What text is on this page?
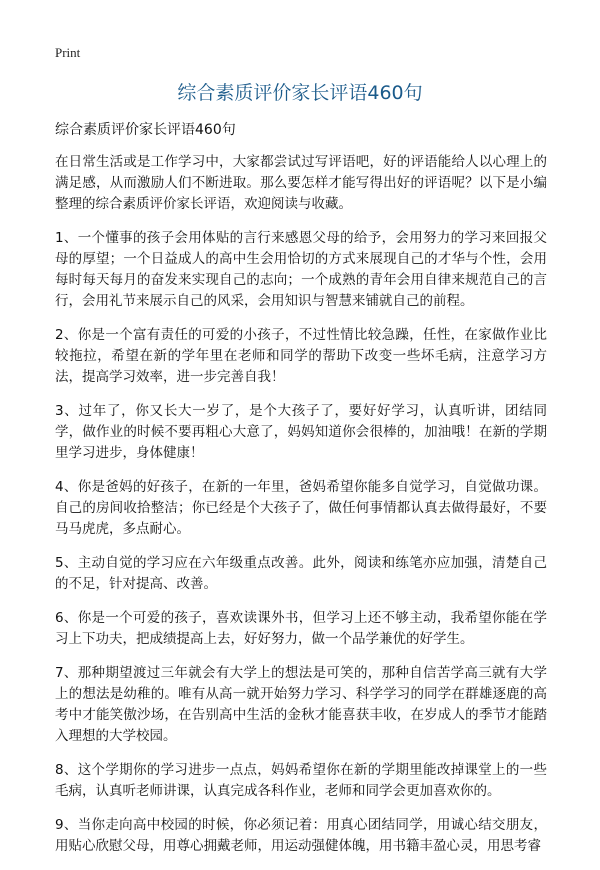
Print
综合素质评价家长评语460句

综合素质评价家长评语460句

在日常生活或是工作学习中，大家都尝试过写评语吧，好的评语能给人以心理上的满足感，从而激励人们不断进取。那么要怎样才能写得出好的评语呢？以下是小编整理的综合素质评价家长评语，欢迎阅读与收藏。

1、一个懂事的孩子会用体贴的言行来感恩父母的给予，会用努力的学习来回报父母的厚望；一个日益成人的高中生会用恰切的方式来展现自己的才华与个性，会用每时每天每月的奋发来实现自己的志向；一个成熟的青年会用自律来规范自己的言行，会用礼节来展示自己的风采，会用知识与智慧来铺就自己的前程。

2、你是一个富有责任的可爱的小孩子，不过性情比较急躁，任性，在家做作业比较拖拉，希望在新的学年里在老师和同学的帮助下改变一些坏毛病，注意学习方法，提高学习效率，进一步完善自我！

3、过年了，你又长大一岁了，是个大孩子了，要好好学习，认真听讲，团结同学，做作业的时候不要再粗心大意了，妈妈知道你会很棒的，加油哦！在新的学期里学习进步，身体健康！

4、你是爸妈的好孩子，在新的一年里，爸妈希望你能多自觉学习，自觉做功课。自己的房间收拾整洁；你已经是个大孩子了，做任何事情都认真去做得最好，不要马马虎虎，多点耐心。

5、主动自觉的学习应在六年级重点改善。此外，阅读和练笔亦应加强，清楚自己的不足，针对提高、改善。

6、你是一个可爱的孩子，喜欢读课外书，但学习上还不够主动，我希望你能在学习上下功夫，把成绩提高上去，好好努力，做一个品学兼优的好学生。

7、那种期望渡过三年就会有大学上的想法是可笑的，那种自信苦学高三就有大学上的想法是幼稚的。唯有从高一就开始努力学习、科学学习的同学在群雄逐鹿的高考中才能笑傲沙场，在告别高中生活的金秋才能喜获丰收，在岁成人的季节才能踏入理想的大学校园。

8、这个学期你的学习进步一点点，妈妈希望你在新的学期里能改掉课堂上的一些毛病，认真听老师讲课，认真完成各科作业，老师和同学会更加喜欢你的。

9、当你走向高中校园的时候，你必须记着：用真心团结同学，用诚心结交朋友，用贴心欣慰父母，用尊心拥戴老师，用运动强健体魄，用书籍丰盈心灵，用思考睿
